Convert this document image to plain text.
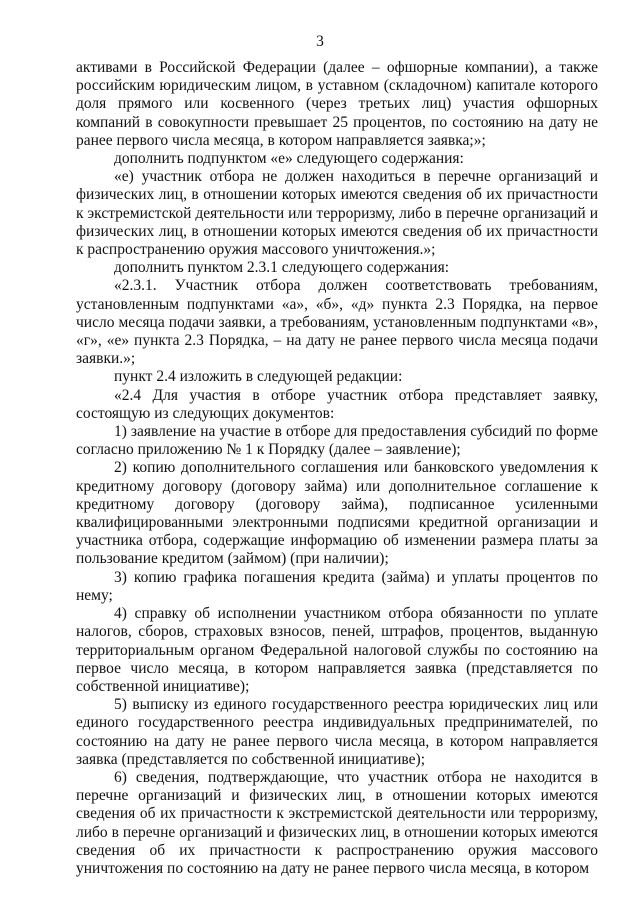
3

активами в Российской Федерации (далее – офшорные компании), а также российским юридическим лицом, в уставном (складочном) капитале которого доля прямого или косвенного (через третьих лиц) участия офшорных компаний в совокупности превышает 25 процентов, по состоянию на дату не ранее первого числа месяца, в котором направляется заявка;»;

дополнить подпунктом «е» следующего содержания:

«е) участник отбора не должен находиться в перечне организаций и физических лиц, в отношении которых имеются сведения об их причастности к экстремистской деятельности или терроризму, либо в перечне организаций и физических лиц, в отношении которых имеются сведения об их причастности к распространению оружия массового уничтожения.»;

дополнить пунктом 2.3.1 следующего содержания:

«2.3.1. Участник отбора должен соответствовать требованиям, установленным подпунктами «а», «б», «д» пункта 2.3 Порядка, на первое число месяца подачи заявки, а требованиям, установленным подпунктами «в», «г», «е» пункта 2.3 Порядка, – на дату не ранее первого числа месяца подачи заявки.»;

пункт 2.4 изложить в следующей редакции:

«2.4 Для участия в отборе участник отбора представляет заявку, состоящую из следующих документов:

1) заявление на участие в отборе для предоставления субсидий по форме согласно приложению № 1 к Порядку (далее – заявление);

2) копию дополнительного соглашения или банковского уведомления к кредитному договору (договору займа) или дополнительное соглашение к кредитному договору (договору займа), подписанное усиленными квалифицированными электронными подписями кредитной организации и участника отбора, содержащие информацию об изменении размера платы за пользование кредитом (займом) (при наличии);

3) копию графика погашения кредита (займа) и уплаты процентов по нему;

4) справку об исполнении участником отбора обязанности по уплате налогов, сборов, страховых взносов, пеней, штрафов, процентов, выданную территориальным органом Федеральной налоговой службы по состоянию на первое число месяца, в котором направляется заявка (представляется по собственной инициативе);

5) выписку из единого государственного реестра юридических лиц или единого государственного реестра индивидуальных предпринимателей, по состоянию на дату не ранее первого числа месяца, в котором направляется заявка (представляется по собственной инициативе);

6) сведения, подтверждающие, что участник отбора не находится в перечне организаций и физических лиц, в отношении которых имеются сведения об их причастности к экстремистской деятельности или терроризму, либо в перечне организаций и физических лиц, в отношении которых имеются сведения об их причастности к распространению оружия массового уничтожения по состоянию на дату не ранее первого числа месяца, в котором
